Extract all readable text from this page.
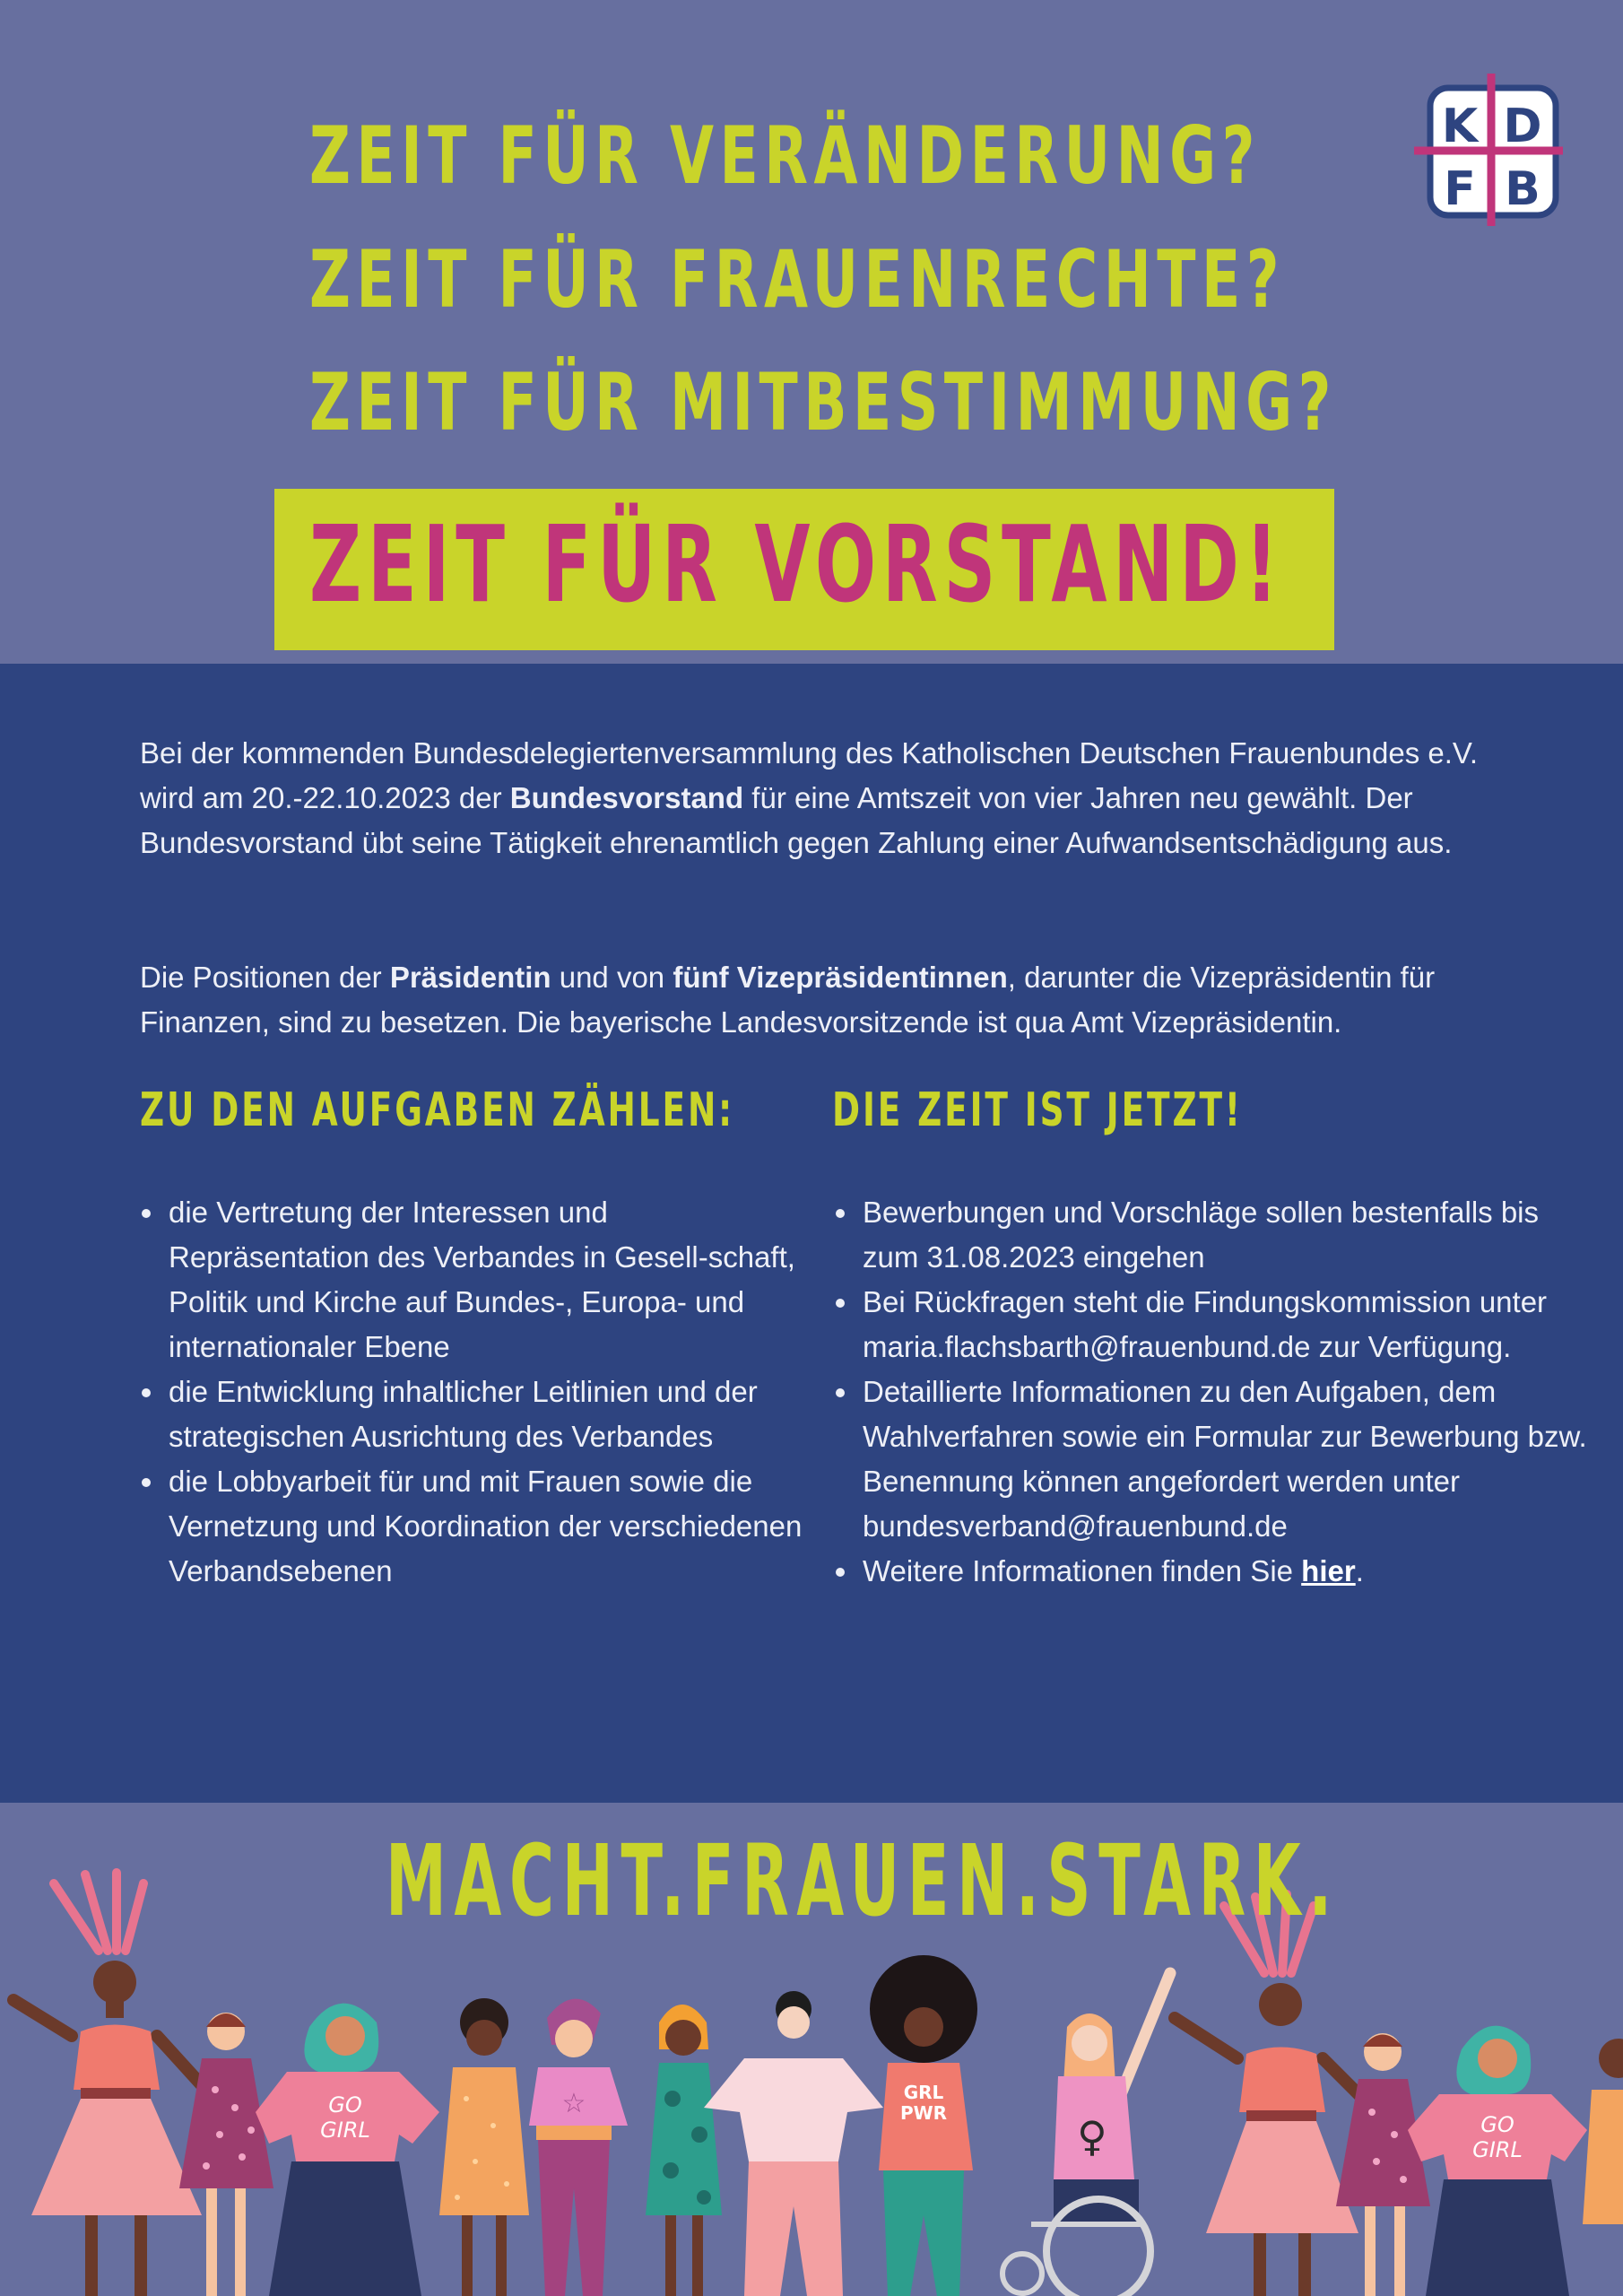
ZEIT FÜR VERÄNDERUNG?
ZEIT FÜR FRAUENRECHTE?
ZEIT FÜR MITBESTIMMUNG?
ZEIT FÜR VORSTAND!
K D
F B

Bei der kommenden Bundesdelegiertenversammlung des Katholischen Deutschen Frauenbundes e.V. wird am 20.-22.10.2023 der Bundesvorstand für eine Amtszeit von vier Jahren neu gewählt. Der Bundesvorstand übt seine Tätigkeit ehrenamtlich gegen Zahlung einer Aufwandsentschädigung aus.

Die Positionen der Präsidentin und von fünf Vizepräsidentinnen, darunter die Vizepräsidentin für Finanzen, sind zu besetzen. Die bayerische Landesvorsitzende ist qua Amt Vizepräsidentin.

ZU DEN AUFGABEN ZÄHLEN: DIE ZEIT IST JETZT!
die Vertretung der Interessen und Repräsentation des Verbandes in Gesell-schaft, Politik und Kirche auf Bundes-, Europa- und internationaler Ebene
die Entwicklung inhaltlicher Leitlinien und der strategischen Ausrichtung des Verbandes
die Lobbyarbeit für und mit Frauen sowie die Vernetzung und Koordination der verschiedenen Verbandsebenen
Bewerbungen und Vorschläge sollen bestenfalls bis zum 31.08.2023 eingehen
Bei Rückfragen steht die Findungskommission unter maria.flachsbarth@frauenbund.de zur Verfügung.
Detaillierte Informationen zu den Aufgaben, dem Wahlverfahren sowie ein Formular zur Bewerbung bzw. Benennung können angefordert werden unter bundesverband@frauenbund.de
Weitere Informationen finden Sie hier.
GO
GIRL
☆	GRL
PWR	♀	GO
GIRL
MACHT.FRAUEN.STARK.
